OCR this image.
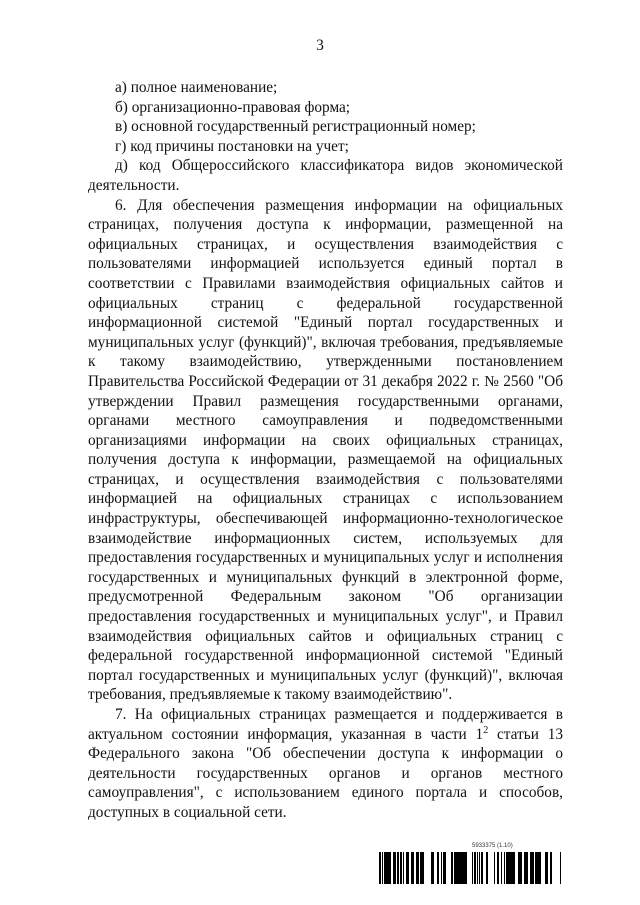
3

а) полное наименование;

б) организационно-правовая форма;

в) основной государственный регистрационный номер;

г) код причины постановки на учет;

д) код Общероссийского классификатора видов экономической деятельности.

6. Для обеспечения размещения информации на официальных страницах, получения доступа к информации, размещенной на официальных страницах, и осуществления взаимодействия с пользователями информацией используется единый портал в соответствии с Правилами взаимодействия официальных сайтов и официальных страниц с федеральной государственной информационной системой "Единый портал государственных и муниципальных услуг (функций)", включая требования, предъявляемые к такому взаимодействию, утвержденными постановлением Правительства Российской Федерации от 31 декабря 2022 г. № 2560 "Об утверждении Правил размещения государственными органами, органами местного самоуправления и подведомственными организациями информации на своих официальных страницах, получения доступа к информации, размещаемой на официальных страницах, и осуществления взаимодействия с пользователями информацией на официальных страницах с использованием инфраструктуры, обеспечивающей информационно-технологическое взаимодействие информационных систем, используемых для предоставления государственных и муниципальных услуг и исполнения государственных и муниципальных функций в электронной форме, предусмотренной Федеральным законом "Об организации предоставления государственных и муниципальных услуг", и Правил взаимодействия официальных сайтов и официальных страниц с федеральной государственной информационной системой "Единый портал государственных и муниципальных услуг (функций)", включая требования, предъявляемые к такому взаимодействию".

7. На официальных страницах размещается и поддерживается в актуальном состоянии информация, указанная в части $1^2$ статьи 13 Федерального закона "Об обеспечении доступа к информации о деятельности государственных органов и органов местного самоуправления", с использованием единого портала и способов, доступных в социальной сети.

5933375 (1.10)
